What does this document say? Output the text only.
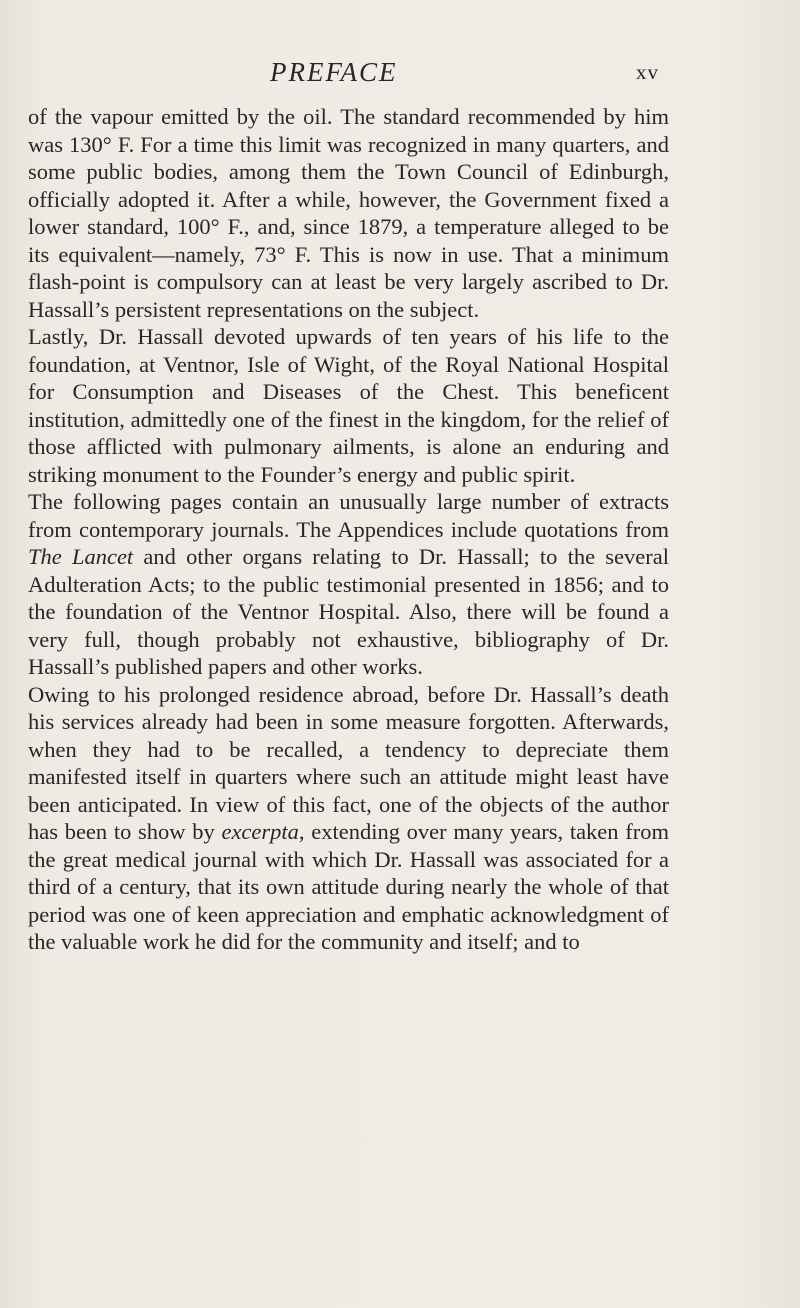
PREFACE	xv

of the vapour emitted by the oil. The standard recommended by him was 130° F. For a time this limit was recognized in many quarters, and some public bodies, among them the Town Council of Edinburgh, officially adopted it. After a while, however, the Government fixed a lower standard, 100° F., and, since 1879, a temperature alleged to be its equivalent—namely, 73° F. This is now in use. That a minimum flash-point is compulsory can at least be very largely ascribed to Dr. Hassall’s persistent representations on the subject.

Lastly, Dr. Hassall devoted upwards of ten years of his life to the foundation, at Ventnor, Isle of Wight, of the Royal National Hospital for Consumption and Diseases of the Chest. This beneficent institution, admittedly one of the finest in the kingdom, for the relief of those afflicted with pulmonary ailments, is alone an enduring and striking monument to the Founder’s energy and public spirit.

The following pages contain an unusually large number of extracts from contemporary journals. The Appendices include quotations from The Lancet and other organs relating to Dr. Hassall; to the several Adulteration Acts; to the public testimonial presented in 1856; and to the foundation of the Ventnor Hospital. Also, there will be found a very full, though probably not exhaustive, bibliography of Dr. Hassall’s published papers and other works.

Owing to his prolonged residence abroad, before Dr. Hassall’s death his services already had been in some measure forgotten. Afterwards, when they had to be recalled, a tendency to depreciate them manifested itself in quarters where such an attitude might least have been anticipated. In view of this fact, one of the objects of the author has been to show by excerpta, extending over many years, taken from the great medical journal with which Dr. Hassall was associated for a third of a century, that its own attitude during nearly the whole of that period was one of keen appreciation and emphatic acknowledgment of the valuable work he did for the community and itself; and to
